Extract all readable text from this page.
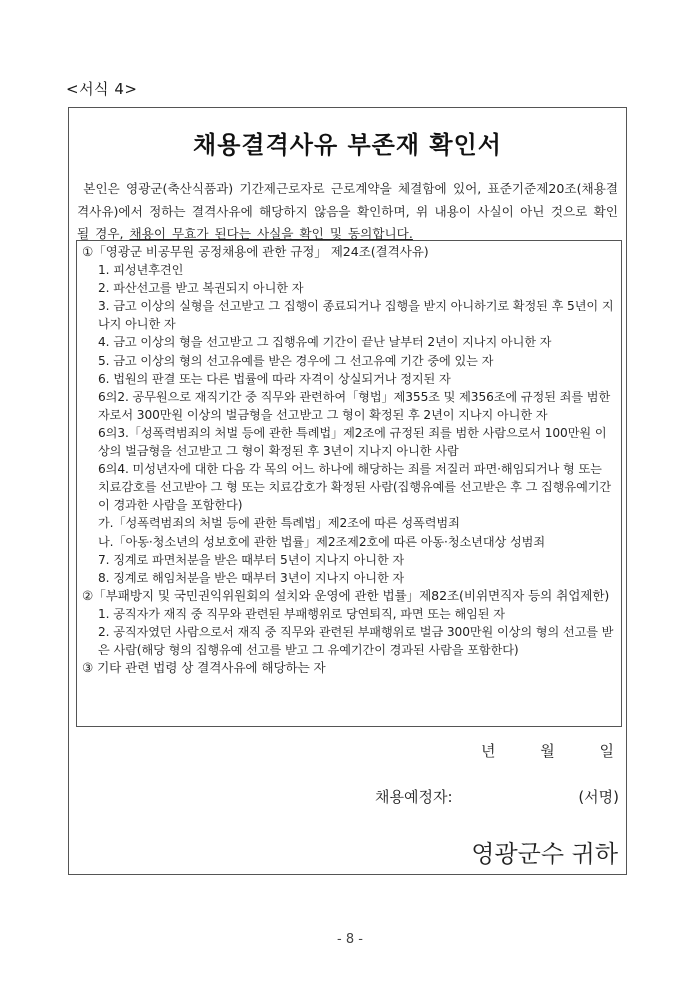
<서식 4>
채용결격사유 부존재 확인서
본인은 영광군(축산식품과) 기간제근로자로 근로계약을 체결함에 있어, 표준기준제20조(채용결격사유)에서 정하는 결격사유에 해당하지 않음을 확인하며, 위 내용이 사실이 아닌 것으로 확인될 경우, 채용이 무효가 된다는 사실을 확인 및 동의합니다.
①「영광군 비공무원 공정채용에 관한 규정」 제24조(결격사유)
1. 피성년후견인
2. 파산선고를 받고 복권되지 아니한 자
3. 금고 이상의 실형을 선고받고 그 집행이 종료되거나 집행을 받지 아니하기로 확정된 후 5년이 지나지 아니한 자
4. 금고 이상의 형을 선고받고 그 집행유예 기간이 끝난 날부터 2년이 지나지 아니한 자
5. 금고 이상의 형의 선고유예를 받은 경우에 그 선고유예 기간 중에 있는 자
6. 법원의 판결 또는 다른 법률에 따라 자격이 상실되거나 정지된 자
6의2. 공무원으로 재직기간 중 직무와 관련하여「형법」제355조 및 제356조에 규정된 죄를 범한 자로서 300만원 이상의 벌금형을 선고받고 그 형이 확정된 후 2년이 지나지 아니한 자
6의3.「성폭력범죄의 처벌 등에 관한 특례법」제2조에 규정된 죄를 범한 사람으로서 100만원 이상의 벌금형을 선고받고 그 형이 확정된 후 3년이 지나지 아니한 사람
6의4. 미성년자에 대한 다음 각 목의 어느 하나에 해당하는 죄를 저질러 파면·해임되거나 형 또는 치료감호를 선고받아 그 형 또는 치료감호가 확정된 사람(집행유예를 선고받은 후 그 집행유예기간이 경과한 사람을 포함한다)
가.「성폭력범죄의 처벌 등에 관한 특례법」제2조에 따른 성폭력범죄
나.「아동·청소년의 성보호에 관한 법률」제2조제2호에 따른 아동·청소년대상 성범죄
7. 징계로 파면처분을 받은 때부터 5년이 지나지 아니한 자
8. 징계로 해임처분을 받은 때부터 3년이 지나지 아니한 자
②「부패방지 및 국민권익위원회의 설치와 운영에 관한 법률」제82조(비위면직자 등의 취업제한)
1. 공직자가 재직 중 직무와 관련된 부패행위로 당연퇴직, 파면 또는 해임된 자
2. 공직자였던 사람으로서 재직 중 직무와 관련된 부패행위로 벌금 300만원 이상의 형의 선고를 받은 사람(해당 형의 집행유예 선고를 받고 그 유예기간이 경과된 사람을 포함한다)
③ 기타 관련 법령 상 결격사유에 해당하는 자
년	월	일
채용예정자:	(서명)
영광군수 귀하
- 8 -
